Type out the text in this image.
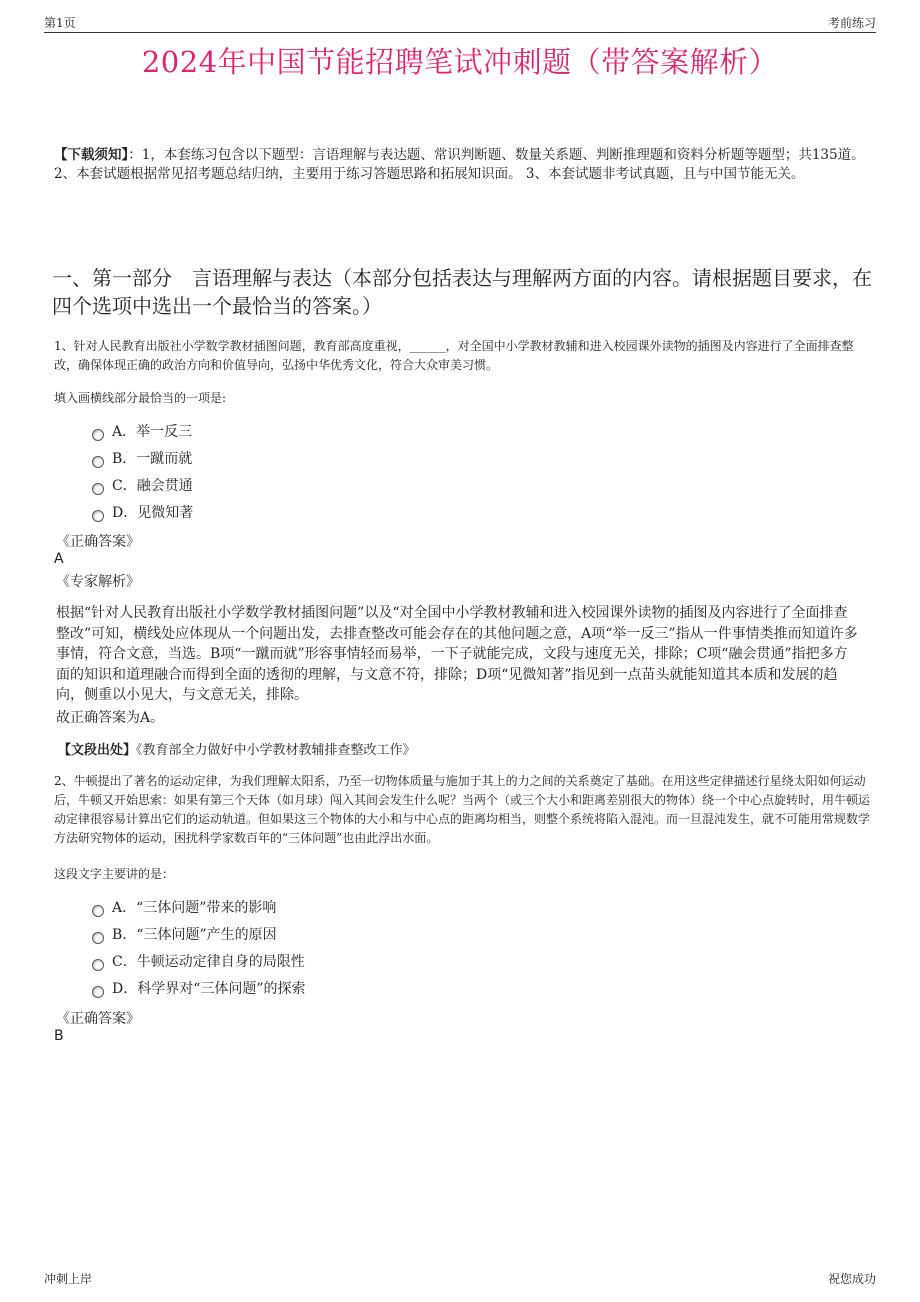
第1页	考前练习
2024年中国节能招聘笔试冲刺题（带答案解析）
【下载须知】：1，本套练习包含以下题型：言语理解与表达题、常识判断题、数量关系题、判断推理题和资料分析题等题型；共135道。 2、本套试题根据常见招考题总结归纳，主要用于练习答题思路和拓展知识面。 3、本套试题非考试真题，且与中国节能无关。
一、第一部分　言语理解与表达（本部分包括表达与理解两方面的内容。请根据题目要求，在四个选项中选出一个最恰当的答案。）
1、针对人民教育出版社小学数学教材插图问题，教育部高度重视，______，对全国中小学教材教辅和进入校园课外读物的插图及内容进行了全面排查整改，确保体现正确的政治方向和价值导向，弘扬中华优秀文化，符合大众审美习惯。
填入画横线部分最恰当的一项是:
A．举一反三
B．一蹴而就
C．融会贯通
D．见微知著
《正确答案》
A
《专家解析》
根据“针对人民教育出版社小学数学教材插图问题”以及“对全国中小学教材教辅和进入校园课外读物的插图及内容进行了全面排查整改”可知，横线处应体现从一个问题出发，去排查整改可能会存在的其他问题之意，A项“举一反三”指从一件事情类推而知道许多事情，符合文意，当选。B项“一蹴而就”形容事情轻而易举，一下子就能完成，文段与速度无关，排除；C项“融会贯通”指把多方面的知识和道理融合而得到全面的透彻的理解，与文意不符，排除；D项“见微知著”指见到一点苗头就能知道其本质和发展的趋向，侧重以小见大，与文意无关，排除。
故正确答案为A。
【文段出处】《教育部全力做好中小学教材教辅排查整改工作》
2、牛顿提出了著名的运动定律，为我们理解太阳系，乃至一切物体质量与施加于其上的力之间的关系奠定了基础。在用这些定律描述行星绕太阳如何运动后，牛顿又开始思索：如果有第三个天体（如月球）闯入其间会发生什么呢？当两个（或三个大小和距离差别很大的物体）绕一个中心点旋转时，用牛顿运动定律很容易计算出它们的运动轨道。但如果这三个物体的大小和与中心点的距离均相当，则整个系统将陷入混沌。而一旦混沌发生，就不可能用常规数学方法研究物体的运动，困扰科学家数百年的“三体问题”也由此浮出水面。
这段文字主要讲的是：
A．“三体问题”带来的影响
B．“三体问题”产生的原因
C．牛顿运动定律自身的局限性
D．科学界对“三体问题”的探索
《正确答案》
B
冲刺上岸	祝您成功
